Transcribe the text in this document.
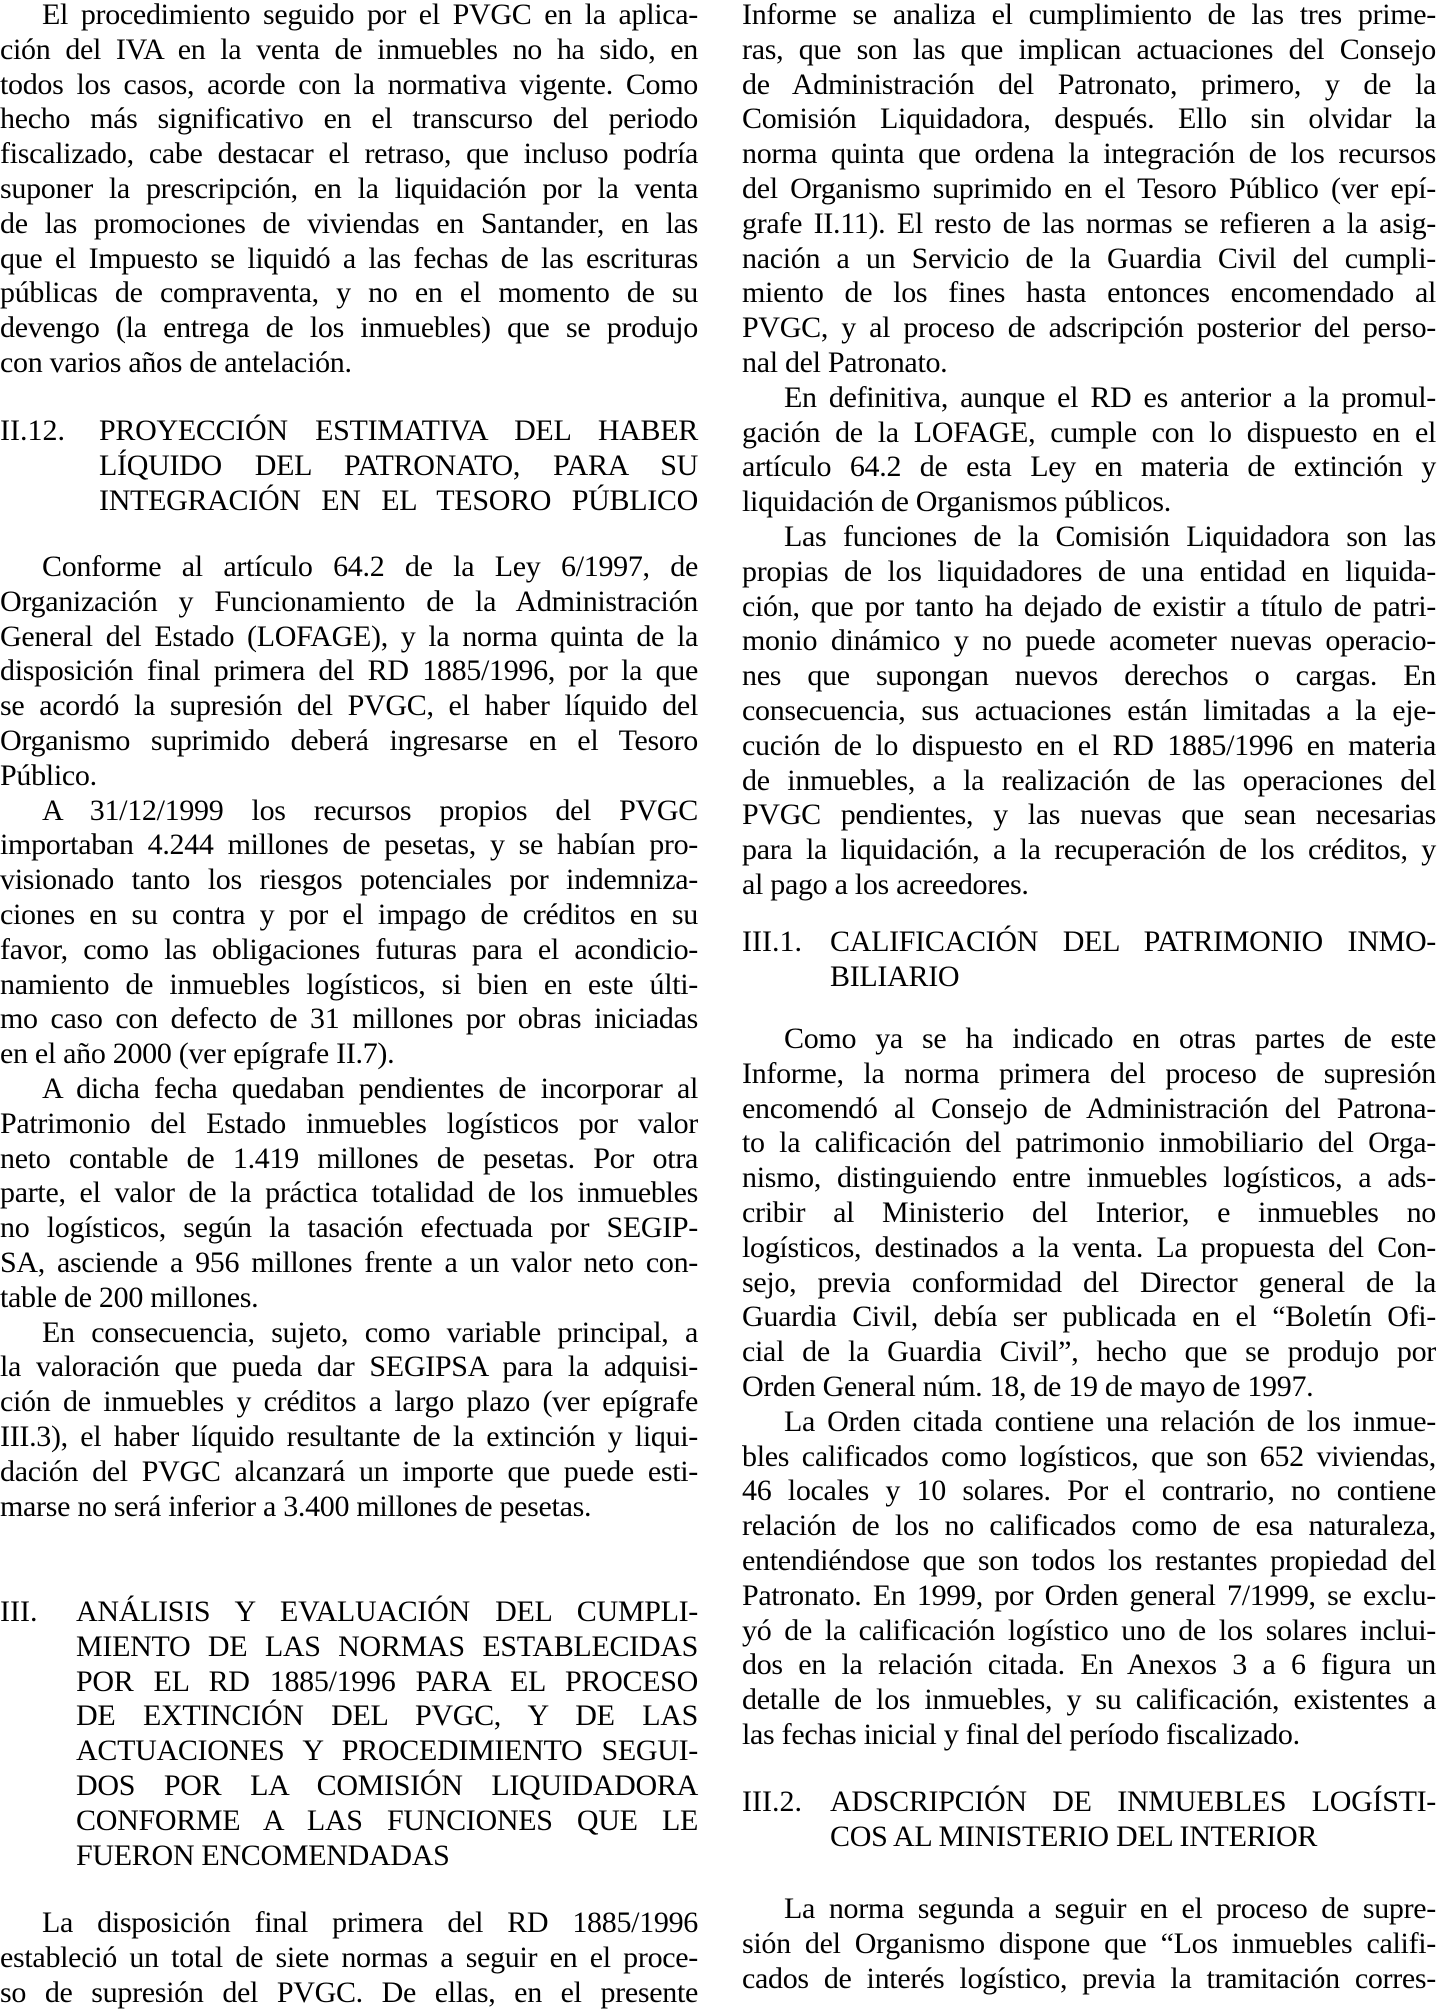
El procedimiento seguido por el PVGC en la aplica-
ción del IVA en la venta de inmuebles no ha sido, en
todos los casos, acorde con la normativa vigente. Como
hecho más significativo en el transcurso del periodo
fiscalizado, cabe destacar el retraso, que incluso podría
suponer la prescripción, en la liquidación por la venta
de las promociones de viviendas en Santander, en las
que el Impuesto se liquidó a las fechas de las escrituras
públicas de compraventa, y no en el momento de su
devengo (la entrega de los inmuebles) que se produjo
con varios años de antelación.
II.12. PROYECCIÓN ESTIMATIVA DEL HABER
LÍQUIDO DEL PATRONATO, PARA SU
INTEGRACIÓN EN EL TESORO PÚBLICO
Conforme al artículo 64.2 de la Ley 6/1997, de
Organización y Funcionamiento de la Administración
General del Estado (LOFAGE), y la norma quinta de la
disposición final primera del RD 1885/1996, por la que
se acordó la supresión del PVGC, el haber líquido del
Organismo suprimido deberá ingresarse en el Tesoro
Público.
A 31/12/1999 los recursos propios del PVGC
importaban 4.244 millones de pesetas, y se habían pro-
visionado tanto los riesgos potenciales por indemniza-
ciones en su contra y por el impago de créditos en su
favor, como las obligaciones futuras para el acondicio-
namiento de inmuebles logísticos, si bien en este últi-
mo caso con defecto de 31 millones por obras iniciadas
en el año 2000 (ver epígrafe II.7).
A dicha fecha quedaban pendientes de incorporar al
Patrimonio del Estado inmuebles logísticos por valor
neto contable de 1.419 millones de pesetas. Por otra
parte, el valor de la práctica totalidad de los inmuebles
no logísticos, según la tasación efectuada por SEGIP-
SA, asciende a 956 millones frente a un valor neto con-
table de 200 millones.
En consecuencia, sujeto, como variable principal, a
la valoración que pueda dar SEGIPSA para la adquisi-
ción de inmuebles y créditos a largo plazo (ver epígrafe
III.3), el haber líquido resultante de la extinción y liqui-
dación del PVGC alcanzará un importe que puede esti-
marse no será inferior a 3.400 millones de pesetas.
III. ANÁLISIS Y EVALUACIÓN DEL CUMPLI-
MIENTO DE LAS NORMAS ESTABLECIDAS
POR EL RD 1885/1996 PARA EL PROCESO
DE EXTINCIÓN DEL PVGC, Y DE LAS
ACTUACIONES Y PROCEDIMIENTO SEGUI-
DOS POR LA COMISIÓN LIQUIDADORA
CONFORME A LAS FUNCIONES QUE LE
FUERON ENCOMENDADAS
La disposición final primera del RD 1885/1996
estableció un total de siete normas a seguir en el proce-
so de supresión del PVGC. De ellas, en el presente
Informe se analiza el cumplimiento de las tres prime-
ras, que son las que implican actuaciones del Consejo
de Administración del Patronato, primero, y de la
Comisión Liquidadora, después. Ello sin olvidar la
norma quinta que ordena la integración de los recursos
del Organismo suprimido en el Tesoro Público (ver epí-
grafe II.11). El resto de las normas se refieren a la asig-
nación a un Servicio de la Guardia Civil del cumpli-
miento de los fines hasta entonces encomendado al
PVGC, y al proceso de adscripción posterior del perso-
nal del Patronato.
En definitiva, aunque el RD es anterior a la promul-
gación de la LOFAGE, cumple con lo dispuesto en el
artículo 64.2 de esta Ley en materia de extinción y
liquidación de Organismos públicos.
Las funciones de la Comisión Liquidadora son las
propias de los liquidadores de una entidad en liquida-
ción, que por tanto ha dejado de existir a título de patri-
monio dinámico y no puede acometer nuevas operacio-
nes que supongan nuevos derechos o cargas. En
consecuencia, sus actuaciones están limitadas a la eje-
cución de lo dispuesto en el RD 1885/1996 en materia
de inmuebles, a la realización de las operaciones del
PVGC pendientes, y las nuevas que sean necesarias
para la liquidación, a la recuperación de los créditos, y
al pago a los acreedores.
III.1. CALIFICACIÓN DEL PATRIMONIO INMO-
BILIARIO
Como ya se ha indicado en otras partes de este
Informe, la norma primera del proceso de supresión
encomendó al Consejo de Administración del Patrona-
to la calificación del patrimonio inmobiliario del Orga-
nismo, distinguiendo entre inmuebles logísticos, a ads-
cribir al Ministerio del Interior, e inmuebles no
logísticos, destinados a la venta. La propuesta del Con-
sejo, previa conformidad del Director general de la
Guardia Civil, debía ser publicada en el “Boletín Ofi-
cial de la Guardia Civil”, hecho que se produjo por
Orden General núm. 18, de 19 de mayo de 1997.
La Orden citada contiene una relación de los inmue-
bles calificados como logísticos, que son 652 viviendas,
46 locales y 10 solares. Por el contrario, no contiene
relación de los no calificados como de esa naturaleza,
entendiéndose que son todos los restantes propiedad del
Patronato. En 1999, por Orden general 7/1999, se exclu-
yó de la calificación logístico uno de los solares inclui-
dos en la relación citada. En Anexos 3 a 6 figura un
detalle de los inmuebles, y su calificación, existentes a
las fechas inicial y final del período fiscalizado.
III.2. ADSCRIPCIÓN DE INMUEBLES LOGÍSTI-
COS AL MINISTERIO DEL INTERIOR
La norma segunda a seguir en el proceso de supre-
sión del Organismo dispone que “Los inmuebles califi-
cados de interés logístico, previa la tramitación corres-
